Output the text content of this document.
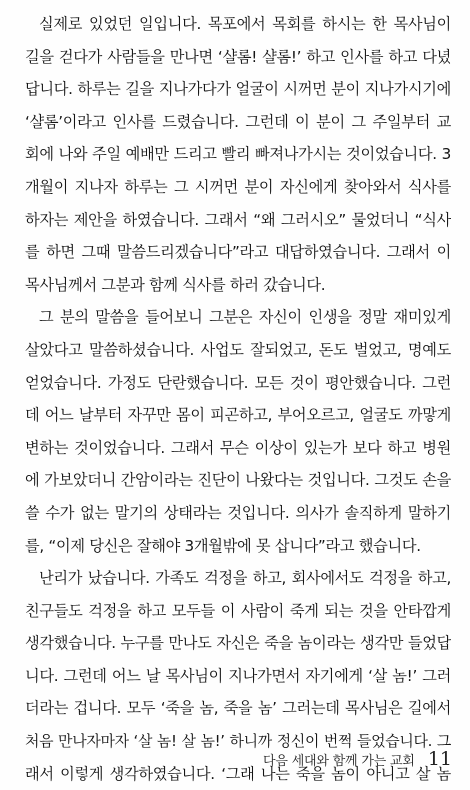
실제로 있었던 일입니다. 목포에서 목회를 하시는 한 목사님이
길을 걷다가 사람들을 만나면 ‘샬롬! 샬롬!’ 하고 인사를 하고 다녔
답니다. 하루는 길을 지나가다가 얼굴이 시꺼먼 분이 지나가시기에
‘샬롬’이라고 인사를 드렸습니다. 그런데 이 분이 그 주일부터 교
회에 나와 주일 예배만 드리고 빨리 빠져나가시는 것이었습니다. 3
개월이 지나자 하루는 그 시꺼먼 분이 자신에게 찾아와서 식사를
하자는 제안을 하였습니다. 그래서 “왜 그러시오” 물었더니 “식사
를 하면 그때 말씀드리겠습니다”라고 대답하였습니다. 그래서 이
목사님께서 그분과 함께 식사를 하러 갔습니다.
그 분의 말씀을 들어보니 그분은 자신이 인생을 정말 재미있게
살았다고 말씀하셨습니다. 사업도 잘되었고, 돈도 벌었고, 명예도
얻었습니다. 가정도 단란했습니다. 모든 것이 평안했습니다. 그런
데 어느 날부터 자꾸만 몸이 피곤하고, 부어오르고, 얼굴도 까맣게
변하는 것이었습니다. 그래서 무슨 이상이 있는가 보다 하고 병원
에 가보았더니 간암이라는 진단이 나왔다는 것입니다. 그것도 손을
쓸 수가 없는 말기의 상태라는 것입니다. 의사가 솔직하게 말하기
를, “이제 당신은 잘해야 3개월밖에 못 삽니다”라고 했습니다.
난리가 났습니다. 가족도 걱정을 하고, 회사에서도 걱정을 하고,
친구들도 걱정을 하고 모두들 이 사람이 죽게 되는 것을 안타깝게
생각했습니다. 누구를 만나도 자신은 죽을 놈이라는 생각만 들었답
니다. 그런데 어느 날 목사님이 지나가면서 자기에게 ‘살 놈!’ 그러
더라는 겁니다. 모두 ‘죽을 놈, 죽을 놈’ 그러는데 목사님은 길에서
처음 만나자마자 ‘살 놈! 살 놈!’ 하니까 정신이 번쩍 들었습니다. 그
래서 이렇게 생각하였습니다. ‘그래 나는 죽을 놈이 아니고 살 놈
다음 세대와 함께 가는 교회 11
